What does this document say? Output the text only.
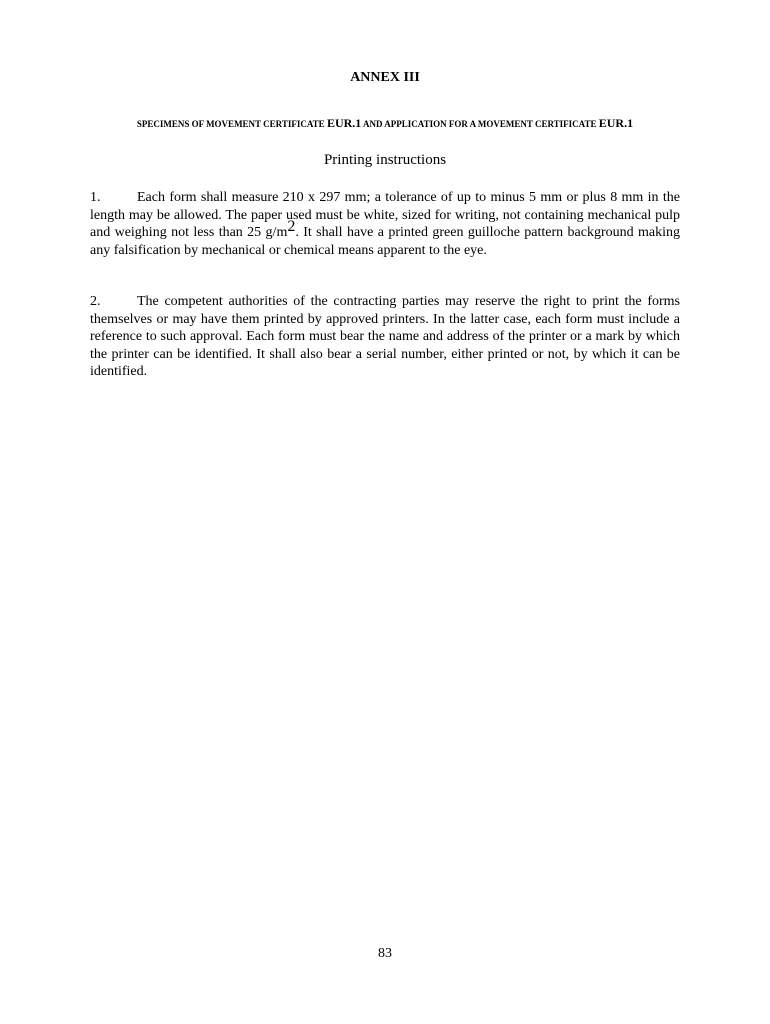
ANNEX III
SPECIMENS OF MOVEMENT CERTIFICATE EUR.1 AND APPLICATION FOR A MOVEMENT CERTIFICATE EUR.1
Printing instructions

1.	Each form shall measure 210 x 297 mm; a tolerance of up to minus 5 mm or plus 8 mm in the length may be allowed. The paper used must be white, sized for writing, not containing mechanical pulp and weighing not less than 25 g/m2. It shall have a printed green guilloche pattern background making any falsification by mechanical or chemical means apparent to the eye.

2.	The competent authorities of the contracting parties may reserve the right to print the forms themselves or may have them printed by approved printers. In the latter case, each form must include a reference to such approval. Each form must bear the name and address of the printer or a mark by which the printer can be identified. It shall also bear a serial number, either printed or not, by which it can be identified.

83
